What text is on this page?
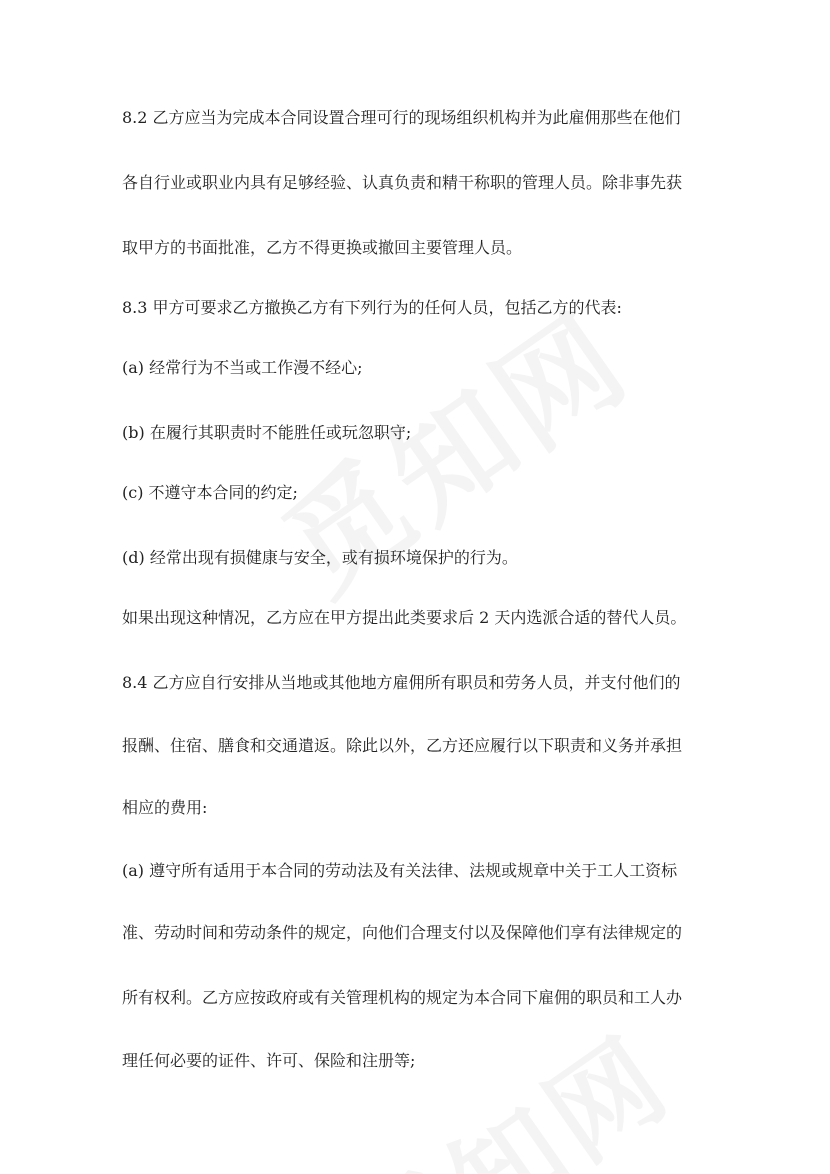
8.2 乙方应当为完成本合同设置合理可行的现场组织机构并为此雇佣那些在他们

各自行业或职业内具有足够经验、认真负责和精干称职的管理人员。除非事先获

取甲方的书面批准，乙方不得更换或撤回主要管理人员。

8.3 甲方可要求乙方撤换乙方有下列行为的任何人员，包括乙方的代表:

(a) 经常行为不当或工作漫不经心;

(b) 在履行其职责时不能胜任或玩忽职守;

(c) 不遵守本合同的约定;

(d) 经常出现有损健康与安全，或有损环境保护的行为。

如果出现这种情况，乙方应在甲方提出此类要求后 2 天内选派合适的替代人员。

8.4 乙方应自行安排从当地或其他地方雇佣所有职员和劳务人员，并支付他们的

报酬、住宿、膳食和交通遣返。除此以外，乙方还应履行以下职责和义务并承担

相应的费用:

(a) 遵守所有适用于本合同的劳动法及有关法律、法规或规章中关于工人工资标

准、劳动时间和劳动条件的规定，向他们合理支付以及保障他们享有法律规定的

所有权利。乙方应按政府或有关管理机构的规定为本合同下雇佣的职员和工人办

理任何必要的证件、许可、保险和注册等;
